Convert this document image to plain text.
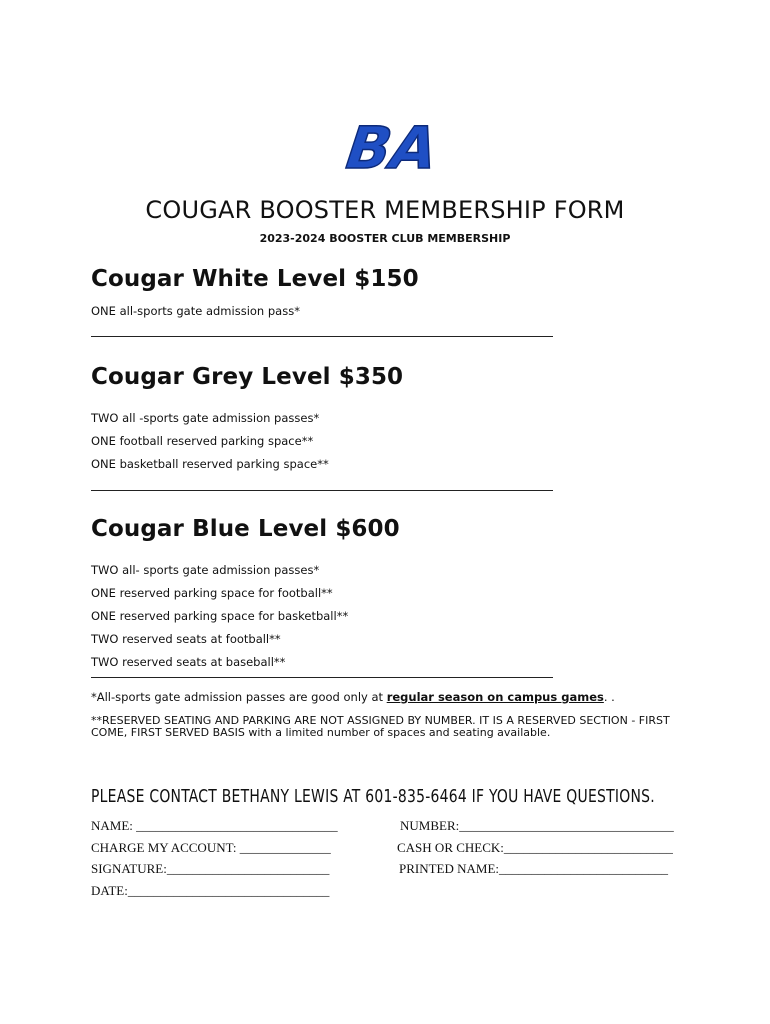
BA
COUGAR BOOSTER MEMBERSHIP FORM
2023-2024 BOOSTER CLUB MEMBERSHIP
Cougar White Level $150
ONE all-sports gate admission pass*
Cougar Grey Level $350
TWO all -sports gate admission passes*
ONE football reserved parking space**
ONE basketball reserved parking space**
Cougar Blue Level $600
TWO all- sports gate admission passes*
ONE reserved parking space for football**
ONE reserved parking space for basketball**
TWO reserved seats at football**
TWO reserved seats at baseball**
*All-sports gate admission passes are good only at regular season on campus games. .
**RESERVED SEATING AND PARKING ARE NOT ASSIGNED BY NUMBER. IT IS A RESERVED SECTION - FIRST COME, FIRST SERVED BASIS with a limited number of spaces and seating available.
PLEASE CONTACT BETHANY LEWIS AT 601-835-6464 IF YOU HAVE QUESTIONS.
NAME: _______________________________	NUMBER:_________________________________
CHARGE MY ACCOUNT: ______________	CASH OR CHECK:__________________________
SIGNATURE:_________________________	PRINTED NAME:__________________________
DATE:_______________________________
